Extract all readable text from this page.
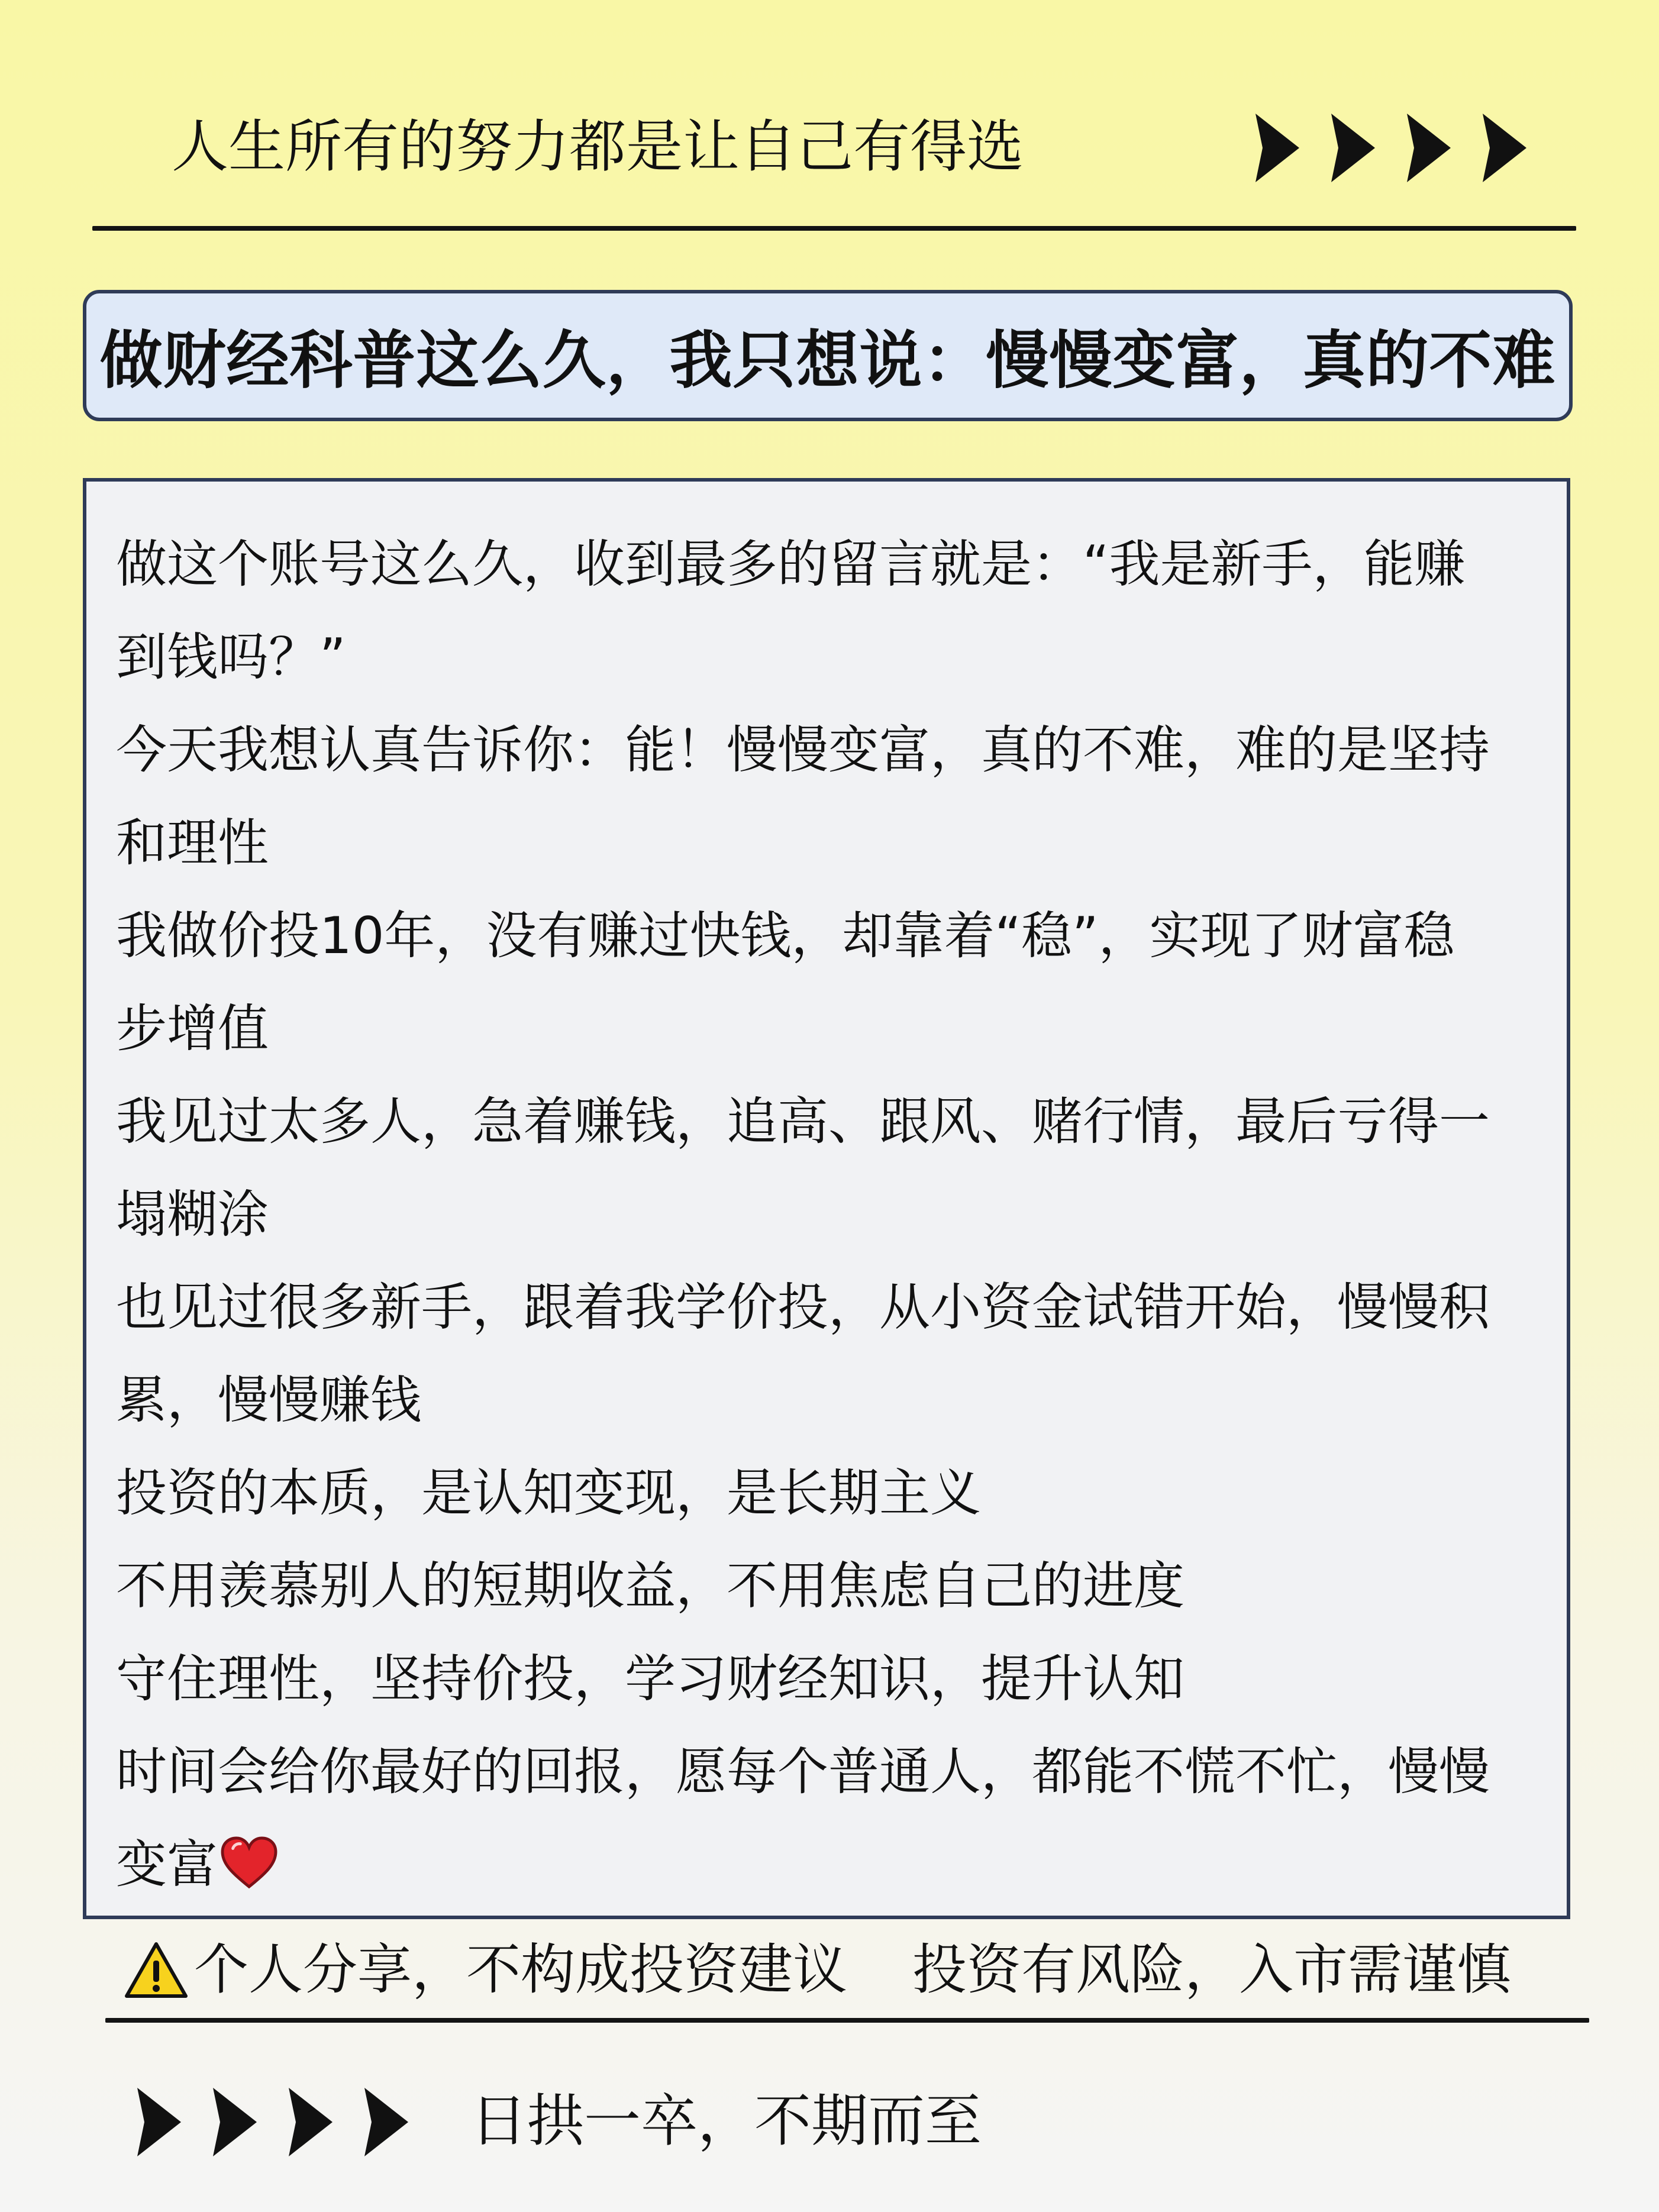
人生所有的努力都是让自己有得选
做财经科普这么久，我只想说：慢慢变富，真的不难

做这个账号这么久，收到最多的留言就是：“我是新手，能赚

到钱吗？”

今天我想认真告诉你：能！慢慢变富，真的不难，难的是坚持

和理性

我做价投10年，没有赚过快钱，却靠着“稳”，实现了财富稳

步增值

我见过太多人，急着赚钱，追高、跟风、赌行情，最后亏得一

塌糊涂

也见过很多新手，跟着我学价投，从小资金试错开始，慢慢积

累，慢慢赚钱

投资的本质，是认知变现，是长期主义

不用羡慕别人的短期收益，不用焦虑自己的进度

守住理性，坚持价投，学习财经知识，提升认知

时间会给你最好的回报，愿每个普通人，都能不慌不忙，慢慢

变富

个人分享，不构成投资建议 投资有风险，入市需谨慎
日拱一卒，不期而至
